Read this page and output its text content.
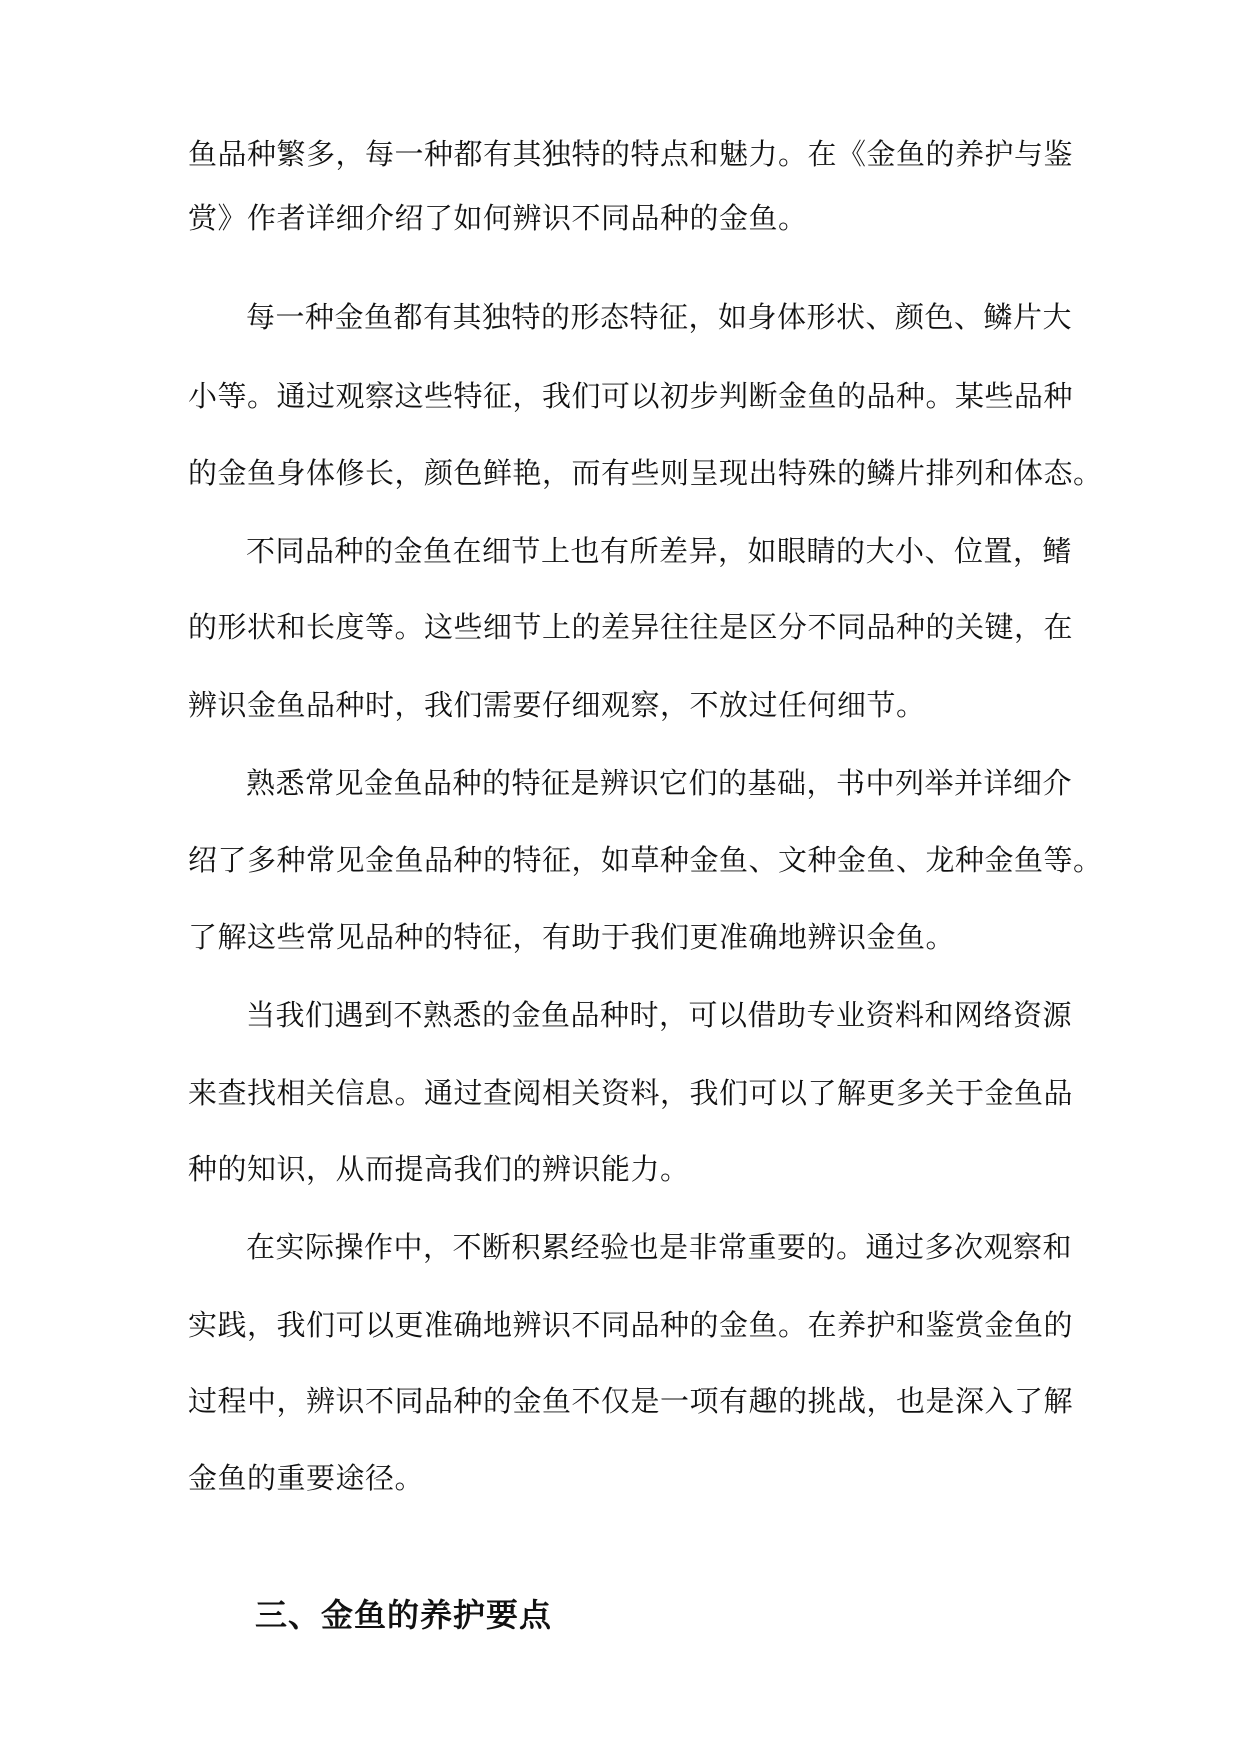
鱼品种繁多，每一种都有其独特的特点和魅力。在《金鱼的养护与鉴
赏》作者详细介绍了如何辨识不同品种的金鱼。
每一种金鱼都有其独特的形态特征，如身体形状、颜色、鳞片大
小等。通过观察这些特征，我们可以初步判断金鱼的品种。某些品种
的金鱼身体修长，颜色鲜艳，而有些则呈现出特殊的鳞片排列和体态。
不同品种的金鱼在细节上也有所差异，如眼睛的大小、位置，鳍
的形状和长度等。这些细节上的差异往往是区分不同品种的关键，在
辨识金鱼品种时，我们需要仔细观察，不放过任何细节。
熟悉常见金鱼品种的特征是辨识它们的基础，书中列举并详细介
绍了多种常见金鱼品种的特征，如草种金鱼、文种金鱼、龙种金鱼等。
了解这些常见品种的特征，有助于我们更准确地辨识金鱼。
当我们遇到不熟悉的金鱼品种时，可以借助专业资料和网络资源
来查找相关信息。通过查阅相关资料，我们可以了解更多关于金鱼品
种的知识，从而提高我们的辨识能力。
在实际操作中，不断积累经验也是非常重要的。通过多次观察和
实践，我们可以更准确地辨识不同品种的金鱼。在养护和鉴赏金鱼的
过程中，辨识不同品种的金鱼不仅是一项有趣的挑战，也是深入了解
金鱼的重要途径。
三、金鱼的养护要点
